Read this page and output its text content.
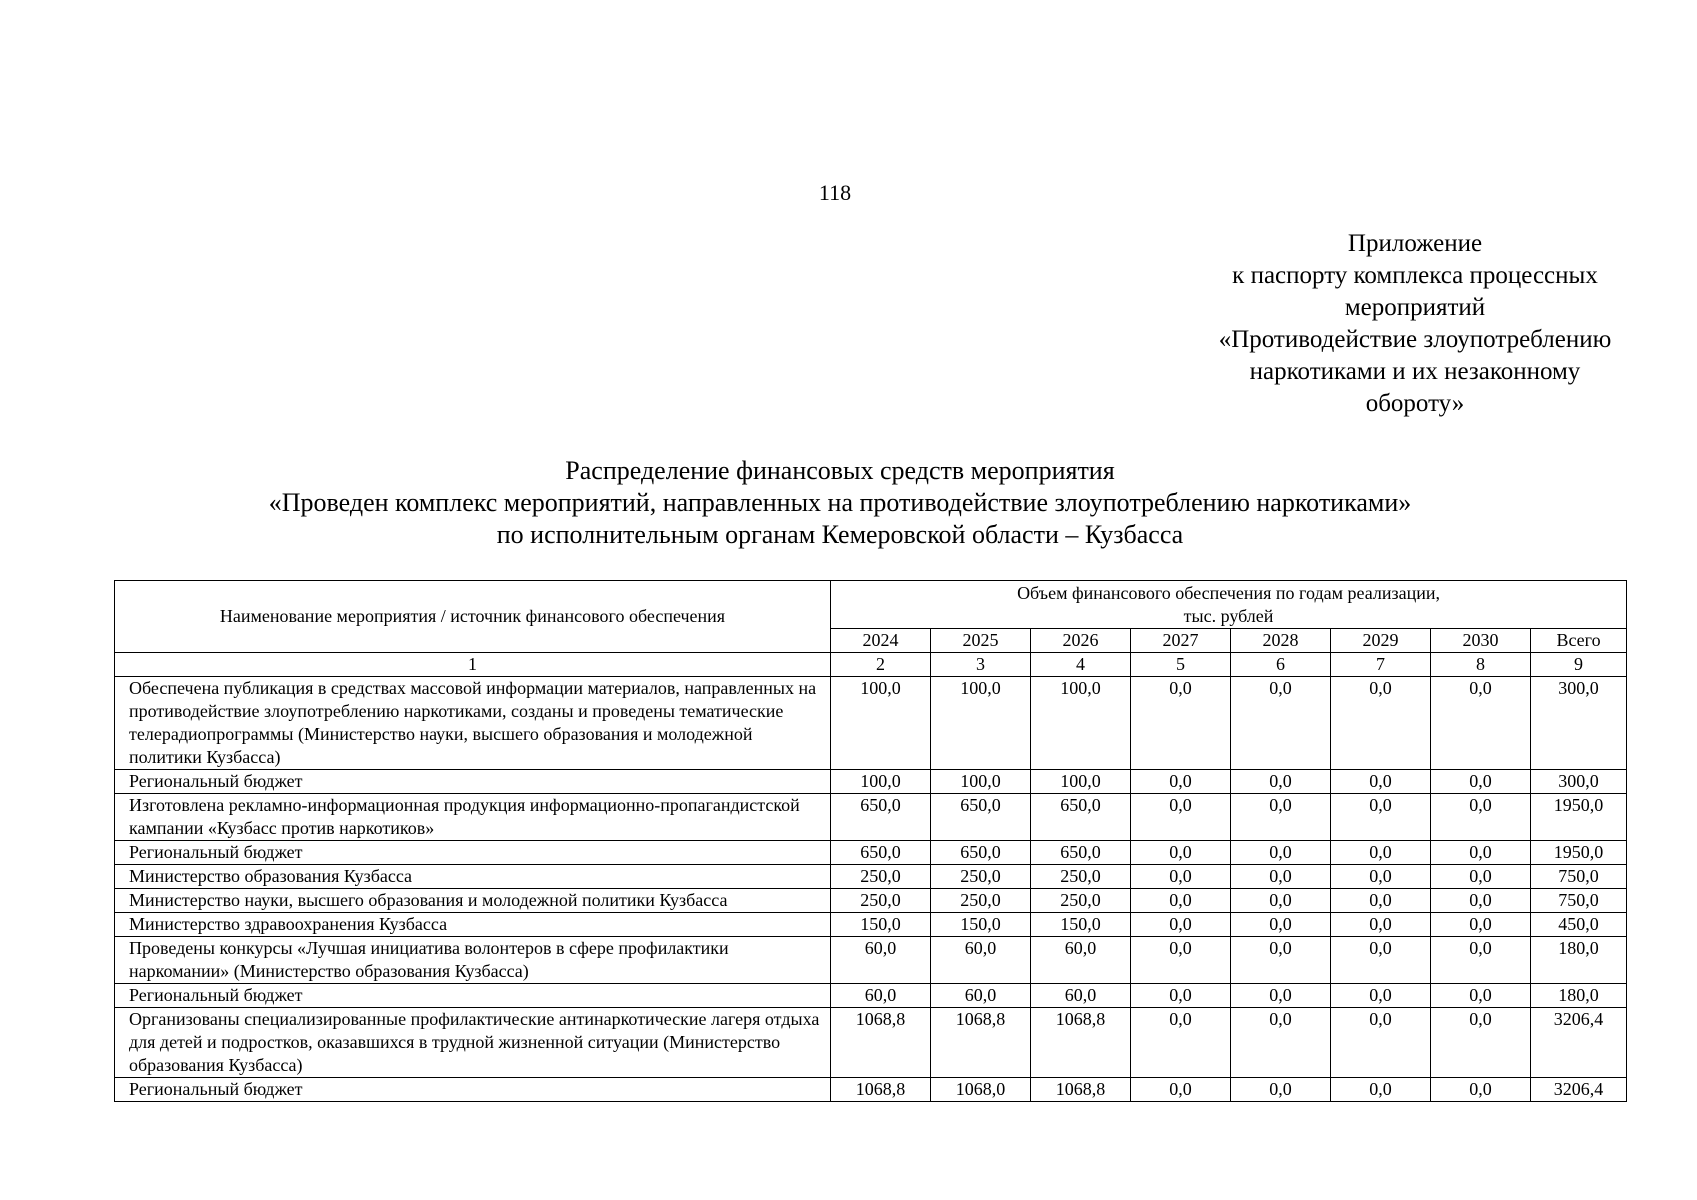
118
Приложение
к паспорту комплекса процессных
мероприятий
«Противодействие злоупотреблению
наркотиками и их незаконному
обороту»
Распределение финансовых средств мероприятия
«Проведен комплекс мероприятий, направленных на противодействие злоупотреблению наркотиками»
по исполнительным органам Кемеровской области – Кузбасса
Наименование мероприятия / источник финансового обеспечения	Объем финансового обеспечения по годам реализации,
тыс. рублей							

	2024	2025	2026	2027	2028	2029	2030	Всего
1	2	3	4	5	6	7	8	9
Обеспечена публикация в средствах массовой информации материалов, направленных на противодействие злоупотреблению наркотиками, созданы и проведены тематические телерадиопрограммы (Министерство науки, высшего образования и молодежной политики Кузбасса)	100,0	100,0	100,0	0,0	0,0	0,0	0,0	300,0
Региональный бюджет	100,0	100,0	100,0	0,0	0,0	0,0	0,0	300,0
Изготовлена рекламно-информационная продукция информационно-пропагандистской кампании «Кузбасс против наркотиков»	650,0	650,0	650,0	0,0	0,0	0,0	0,0	1950,0
Региональный бюджет	650,0	650,0	650,0	0,0	0,0	0,0	0,0	1950,0
Министерство образования Кузбасса	250,0	250,0	250,0	0,0	0,0	0,0	0,0	750,0
Министерство науки, высшего образования и молодежной политики Кузбасса	250,0	250,0	250,0	0,0	0,0	0,0	0,0	750,0
Министерство здравоохранения Кузбасса	150,0	150,0	150,0	0,0	0,0	0,0	0,0	450,0
Проведены конкурсы «Лучшая инициатива волонтеров в сфере профилактики наркомании» (Министерство образования Кузбасса)	60,0	60,0	60,0	0,0	0,0	0,0	0,0	180,0
Региональный бюджет	60,0	60,0	60,0	0,0	0,0	0,0	0,0	180,0
Организованы специализированные профилактические антинаркотические лагеря отдыха для детей и подростков, оказавшихся в трудной жизненной ситуации (Министерство образования Кузбасса)	1068,8	1068,8	1068,8	0,0	0,0	0,0	0,0	3206,4
Региональный бюджет	1068,8	1068,0	1068,8	0,0	0,0	0,0	0,0	3206,4
